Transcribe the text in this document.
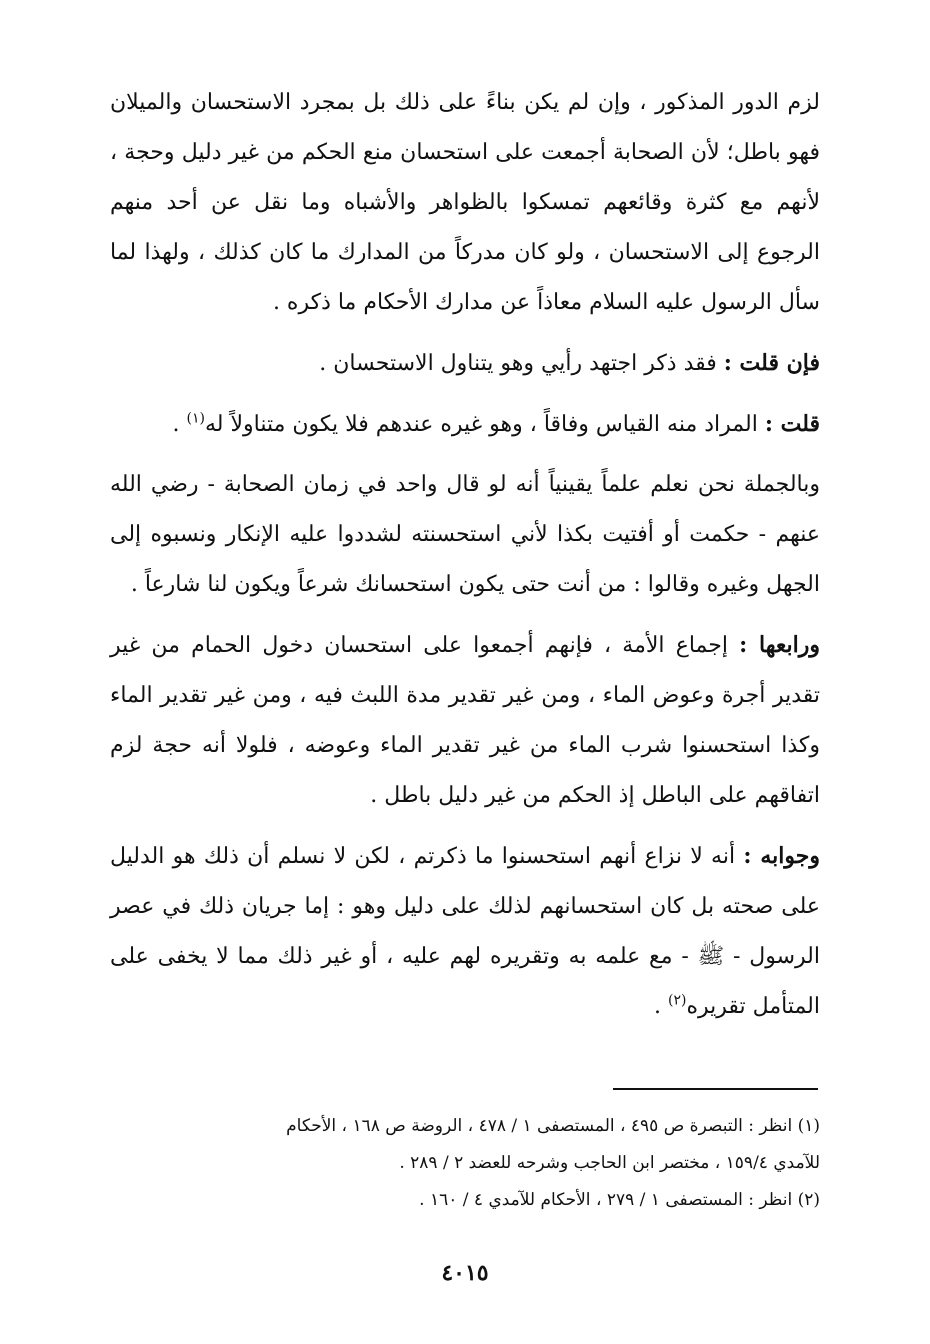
لزم الدور المذكور ، وإن لم يكن بناءً على ذلك بل بمجرد الاستحسان والميلان فهو باطل؛ لأن الصحابة أجمعت على استحسان منع الحكم من غير دليل وحجة ، لأنهم مع كثرة وقائعهم تمسكوا بالظواهر والأشباه وما نقل عن أحد منهم الرجوع إلى الاستحسان ، ولو كان مدركاً من المدارك ما كان كذلك ، ولهذا لما سأل الرسول عليه السلام معاذاً عن مدارك الأحكام ما ذكره .

فإن قلت : فقد ذكر اجتهد رأيي وهو يتناول الاستحسان .

قلت : المراد منه القياس وفاقاً ، وهو غيره عندهم فلا يكون متناولاً له$^{(١)}$ .

وبالجملة نحن نعلم علماً يقينياً أنه لو قال واحد في زمان الصحابة - رضي الله عنهم - حكمت أو أفتيت بكذا لأني استحسنته لشددوا عليه الإنكار ونسبوه إلى الجهل وغيره وقالوا : من أنت حتى يكون استحسانك شرعاً ويكون لنا شارعاً .

ورابعها : إجماع الأمة ، فإنهم أجمعوا على استحسان دخول الحمام من غير تقدير أجرة وعوض الماء ، ومن غير تقدير مدة اللبث فيه ، ومن غير تقدير الماء وكذا استحسنوا شرب الماء من غير تقدير الماء وعوضه ، فلولا أنه حجة لزم اتفاقهم على الباطل إذ الحكم من غير دليل باطل .

وجوابه : أنه لا نزاع أنهم استحسنوا ما ذكرتم ، لكن لا نسلم أن ذلك هو الدليل على صحته بل كان استحسانهم لذلك على دليل وهو : إما جريان ذلك في عصر الرسول - ﷺ - مع علمه به وتقريره لهم عليه ، أو غير ذلك مما لا يخفى على المتأمل تقريره$^{(٢)}$ .

(١) انظر : التبصرة ص ٤٩٥ ، المستصفى ١ / ٤٧٨ ، الروضة ص ١٦٨ ، الأحكام

للآمدي ١٥٩/٤ ، مختصر ابن الحاجب وشرحه للعضد ٢ / ٢٨٩ .

(٢) انظر : المستصفى ١ / ٢٧٩ ، الأحكام للآمدي ٤ / ١٦٠ .

٤٠١٥
